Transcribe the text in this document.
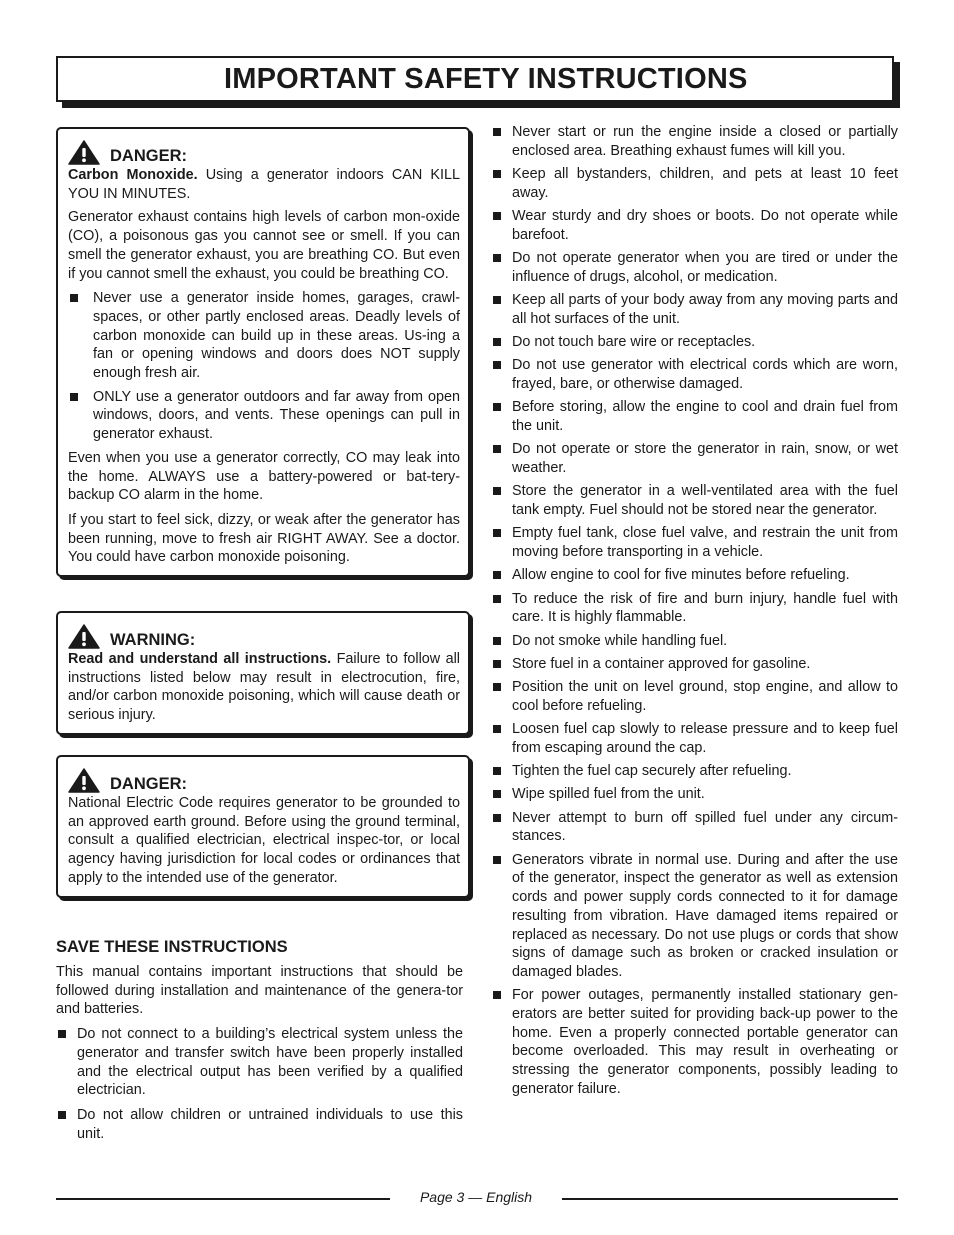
IMPORTANT SAFETY INSTRUCTIONS
DANGER:

Carbon Monoxide. Using a generator indoors CAN KILL YOU IN MINUTES.

Generator exhaust contains high levels of carbon mon-oxide (CO), a poisonous gas you cannot see or smell. If you can smell the generator exhaust, you are breathing CO. But even if you cannot smell the exhaust, you could be breathing CO.

Never use a generator inside homes, garages, crawl-spaces, or other partly enclosed areas. Deadly levels of carbon monoxide can build up in these areas. Us-ing a fan or opening windows and doors does NOT supply enough fresh air.
ONLY use a generator outdoors and far away from open windows, doors, and vents. These openings can pull in generator exhaust.

Even when you use a generator correctly, CO may leak into the home. ALWAYS use a battery-powered or bat-tery-backup CO alarm in the home.

If you start to feel sick, dizzy, or weak after the generator has been running, move to fresh air RIGHT AWAY. See a doctor. You could have carbon monoxide poisoning.

WARNING:

Read and understand all instructions. Failure to follow all instructions listed below may result in electrocution, fire, and/or carbon monoxide poisoning, which will cause death or serious injury.

DANGER:

National Electric Code requires generator to be grounded to an approved earth ground. Before using the ground terminal, consult a qualified electrician, electrical inspec-tor, or local agency having jurisdiction for local codes or ordinances that apply to the intended use of the generator.

SAVE THESE INSTRUCTIONS

This manual contains important instructions that should be followed during installation and maintenance of the genera-tor and batteries.

Do not connect to a building’s electrical system unless the generator and transfer switch have been properly installed and the electrical output has been verified by a qualified electrician.
Do not allow children or untrained individuals to use this unit.
Never start or run the engine inside a closed or partially enclosed area. Breathing exhaust fumes will kill you.
Keep all bystanders, children, and pets at least 10 feet away.
Wear sturdy and dry shoes or boots. Do not operate while barefoot.
Do not operate generator when you are tired or under the influence of drugs, alcohol, or medication.
Keep all parts of your body away from any moving parts and all hot surfaces of the unit.
Do not touch bare wire or receptacles.
Do not use generator with electrical cords which are worn, frayed, bare, or otherwise damaged.
Before storing, allow the engine to cool and drain fuel from the unit.
Do not operate or store the generator in rain, snow, or wet weather.
Store the generator in a well-ventilated area with the fuel tank empty. Fuel should not be stored near the generator.
Empty fuel tank, close fuel valve, and restrain the unit from moving before transporting in a vehicle.
Allow engine to cool for five minutes before refueling.
To reduce the risk of fire and burn injury, handle fuel with care. It is highly flammable.
Do not smoke while handling fuel.
Store fuel in a container approved for gasoline.
Position the unit on level ground, stop engine, and allow to cool before refueling.
Loosen fuel cap slowly to release pressure and to keep fuel from escaping around the cap.
Tighten the fuel cap securely after refueling.
Wipe spilled fuel from the unit.
Never attempt to burn off spilled fuel under any circum-stances.
Generators vibrate in normal use. During and after the use of the generator, inspect the generator as well as extension cords and power supply cords connected to it for damage resulting from vibration. Have damaged items repaired or replaced as necessary. Do not use plugs or cords that show signs of damage such as broken or cracked insulation or damaged blades.
For power outages, permanently installed stationary gen-erators are better suited for providing back-up power to the home. Even a properly connected portable generator can become overloaded. This may result in overheating or stressing the generator components, possibly leading to generator failure.
Page 3 — English
